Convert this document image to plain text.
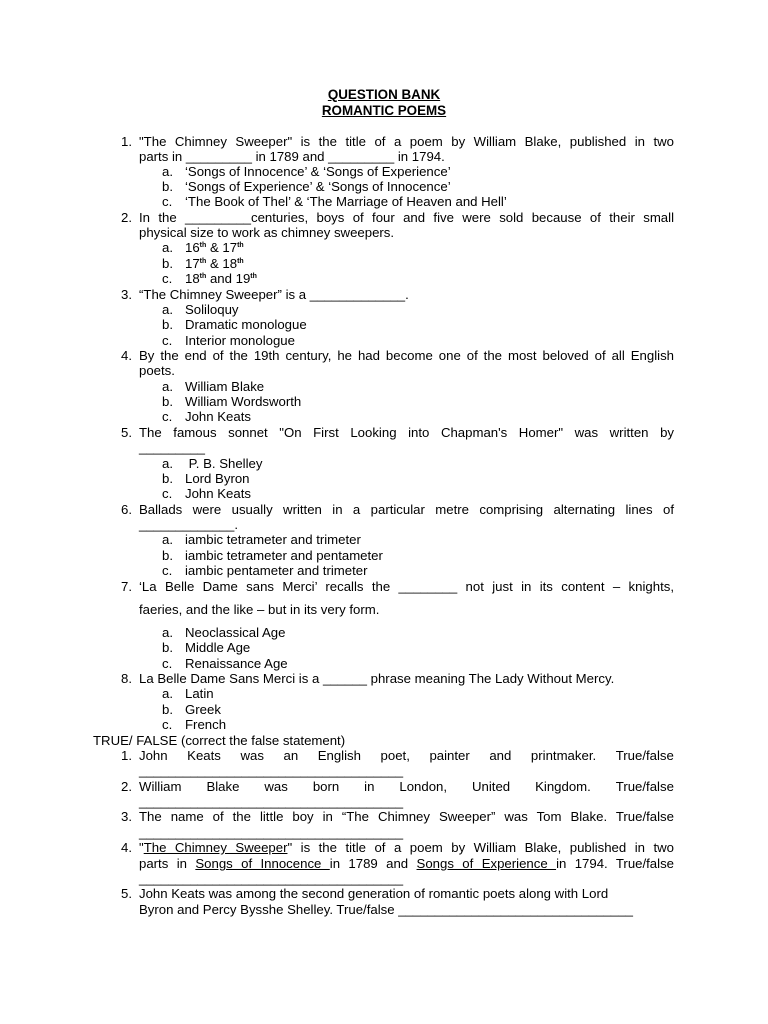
QUESTION BANK
ROMANTIC POEMS
1. "The Chimney Sweeper" is the title of a poem by William Blake, published in two
parts in _________ in 1789 and _________ in 1794.
a. ‘Songs of Innocence’ & ‘Songs of Experience’
b. ‘Songs of Experience’ & ‘Songs of Innocence’
c. ‘The Book of Thel’ & ‘The Marriage of Heaven and Hell’
2. In the _________centuries, boys of four and five were sold because of their small
physical size to work as chimney sweepers.
a. 16th & 17th
b. 17th & 18th
c. 18th and 19th
3. “The Chimney Sweeper” is a _____________.
a. Soliloquy
b. Dramatic monologue
c. Interior monologue
4. By the end of the 19th century, he had become one of the most beloved of all English
poets.
a. William Blake
b. William Wordsworth
c. John Keats
5. The famous sonnet "On First Looking into Chapman's Homer" was written by
_________
a. P. B. Shelley
b. Lord Byron
c. John Keats
6. Ballads were usually written in a particular metre comprising alternating lines of
_____________.
a. iambic tetrameter and trimeter
b. iambic tetrameter and pentameter
c. iambic pentameter and trimeter
7. ‘La Belle Dame sans Merci’ recalls the ________ not just in its content – knights,
faeries, and the like – but in its very form.
a. Neoclassical Age
b. Middle Age
c. Renaissance Age
8. La Belle Dame Sans Merci is a ______ phrase meaning The Lady Without Mercy.
a. Latin
b. Greek
c. French
TRUE/ FALSE (correct the false statement)
1. John Keats was an English poet, painter and printmaker. True/false
____________________________________
2. William Blake was born in London, United Kingdom. True/false
____________________________________
3. The name of the little boy in “The Chimney Sweeper” was Tom Blake. True/false
____________________________________
4. "The Chimney Sweeper" is the title of a poem by William Blake, published in two
parts in Songs of Innocence in 1789 and Songs of Experience in 1794. True/false
____________________________________
5. John Keats was among the second generation of romantic poets along with Lord
Byron and Percy Bysshe Shelley. True/false ________________________________
